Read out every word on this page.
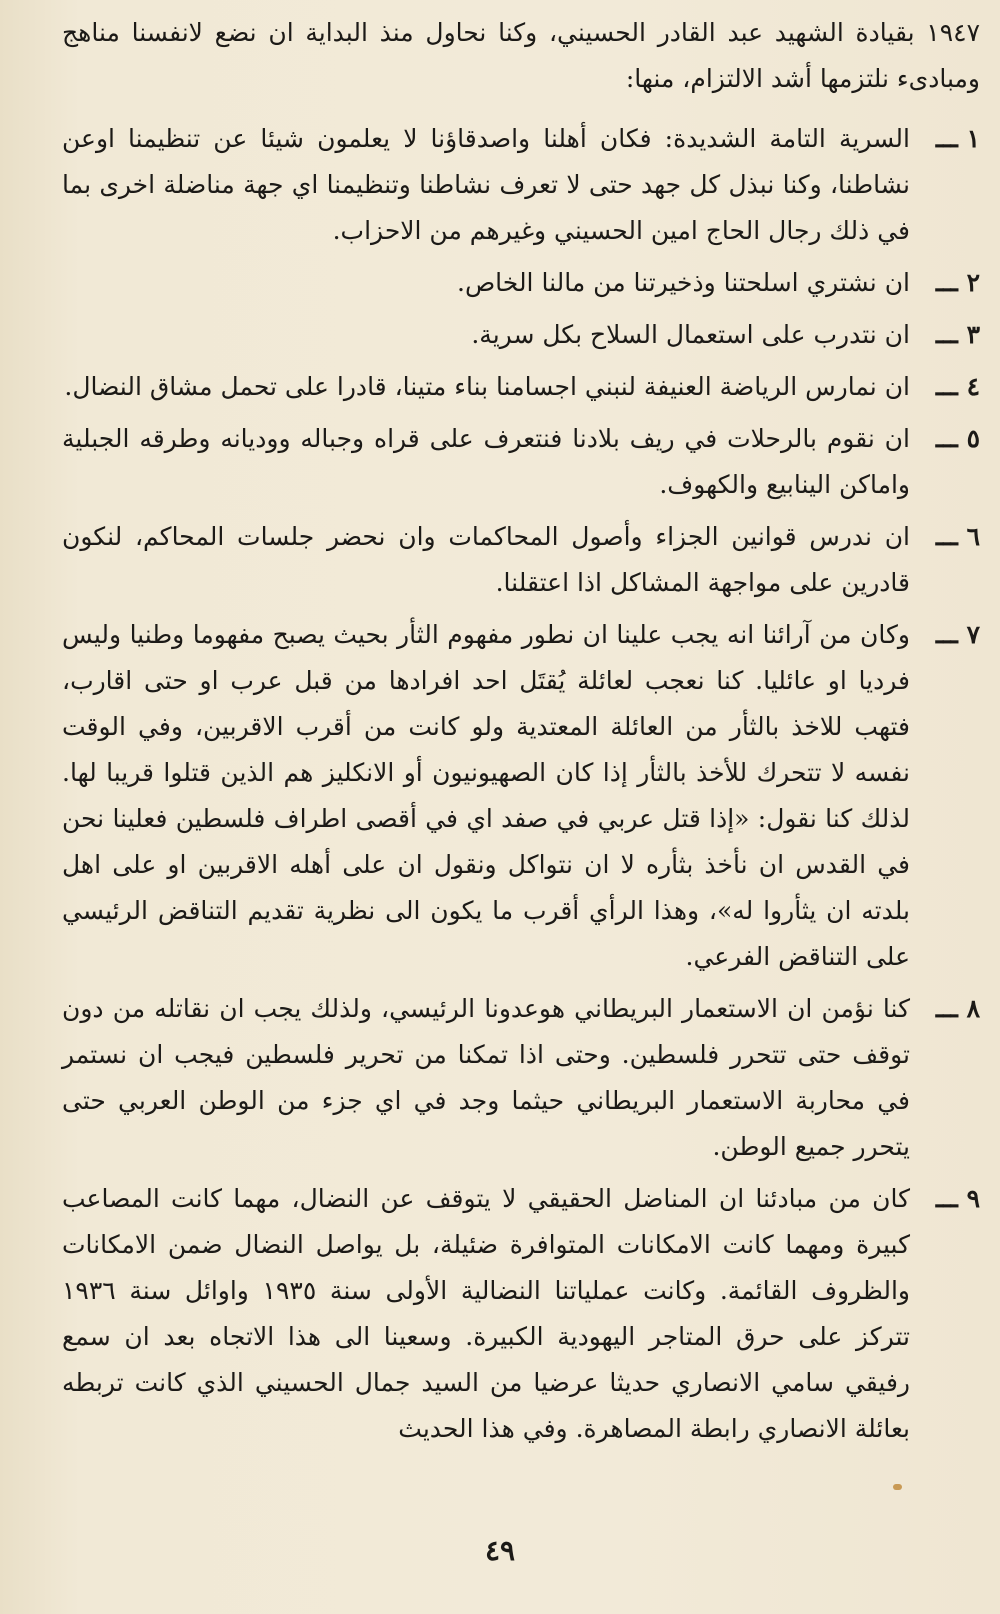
١٩٤٧ بقيادة الشهيد عبد القادر الحسيني، وكنا نحاول منذ البداية ان نضع لانفسنا مناهج ومبادىء نلتزمها أشد الالتزام، منها:

١ ـــ
السرية التامة الشديدة: فكان أهلنا واصدقاؤنا لا يعلمون شيئا عن تنظيمنا اوعن نشاطنا، وكنا نبذل كل جهد حتى لا تعرف نشاطنا وتنظيمنا اي جهة مناضلة اخرى بما في ذلك رجال الحاج امين الحسيني وغيرهم من الاحزاب.
٢ ـــ
ان نشتري اسلحتنا وذخيرتنا من مالنا الخاص.
٣ ـــ
ان نتدرب على استعمال السلاح بكل سرية.
٤ ـــ
ان نمارس الرياضة العنيفة لنبني اجسامنا بناء متينا، قادرا على تحمل مشاق النضال.
٥ ـــ
ان نقوم بالرحلات في ريف بلادنا فنتعرف على قراه وجباله ووديانه وطرقه الجبلية واماكن الينابيع والكهوف.
٦ ـــ
ان ندرس قوانين الجزاء وأصول المحاكمات وان نحضر جلسات المحاكم، لنكون قادرين على مواجهة المشاكل اذا اعتقلنا.
٧ ـــ
وكان من آرائنا انه يجب علينا ان نطور مفهوم الثأر بحيث يصبح مفهوما وطنيا وليس فرديا او عائليا. كنا نعجب لعائلة يُقتَل احد افرادها من قبل عرب او حتى اقارب، فتهب للاخذ بالثأر من العائلة المعتدية ولو كانت من أقرب الاقربين، وفي الوقت نفسه لا تتحرك للأخذ بالثأر إذا كان الصهيونيون أو الانكليز هم الذين قتلوا قريبا لها. لذلك كنا نقول: «إذا قتل عربي في صفد اي في أقصى اطراف فلسطين فعلينا نحن في القدس ان نأخذ بثأره لا ان نتواكل ونقول ان على أهله الاقربين او على اهل بلدته ان يثأروا له»، وهذا الرأي أقرب ما يكون الى نظرية تقديم التناقض الرئيسي على التناقض الفرعي.
٨ ـــ
كنا نؤمن ان الاستعمار البريطاني هوعدونا الرئيسي، ولذلك يجب ان نقاتله من دون توقف حتى تتحرر فلسطين. وحتى اذا تمكنا من تحرير فلسطين فيجب ان نستمر في محاربة الاستعمار البريطاني حيثما وجد في اي جزء من الوطن العربي حتى يتحرر جميع الوطن.
٩ ـــ
كان من مبادئنا ان المناضل الحقيقي لا يتوقف عن النضال، مهما كانت المصاعب كبيرة ومهما كانت الامكانات المتوافرة ضئيلة، بل يواصل النضال ضمن الامكانات والظروف القائمة. وكانت عملياتنا النضالية الأولى سنة ١٩٣٥ واوائل سنة ١٩٣٦ تتركز على حرق المتاجر اليهودية الكبيرة. وسعينا الى هذا الاتجاه بعد ان سمع رفيقي سامي الانصاري حديثا عرضيا من السيد جمال الحسيني الذي كانت تربطه بعائلة الانصاري رابطة المصاهرة. وفي هذا الحديث
٤٩
